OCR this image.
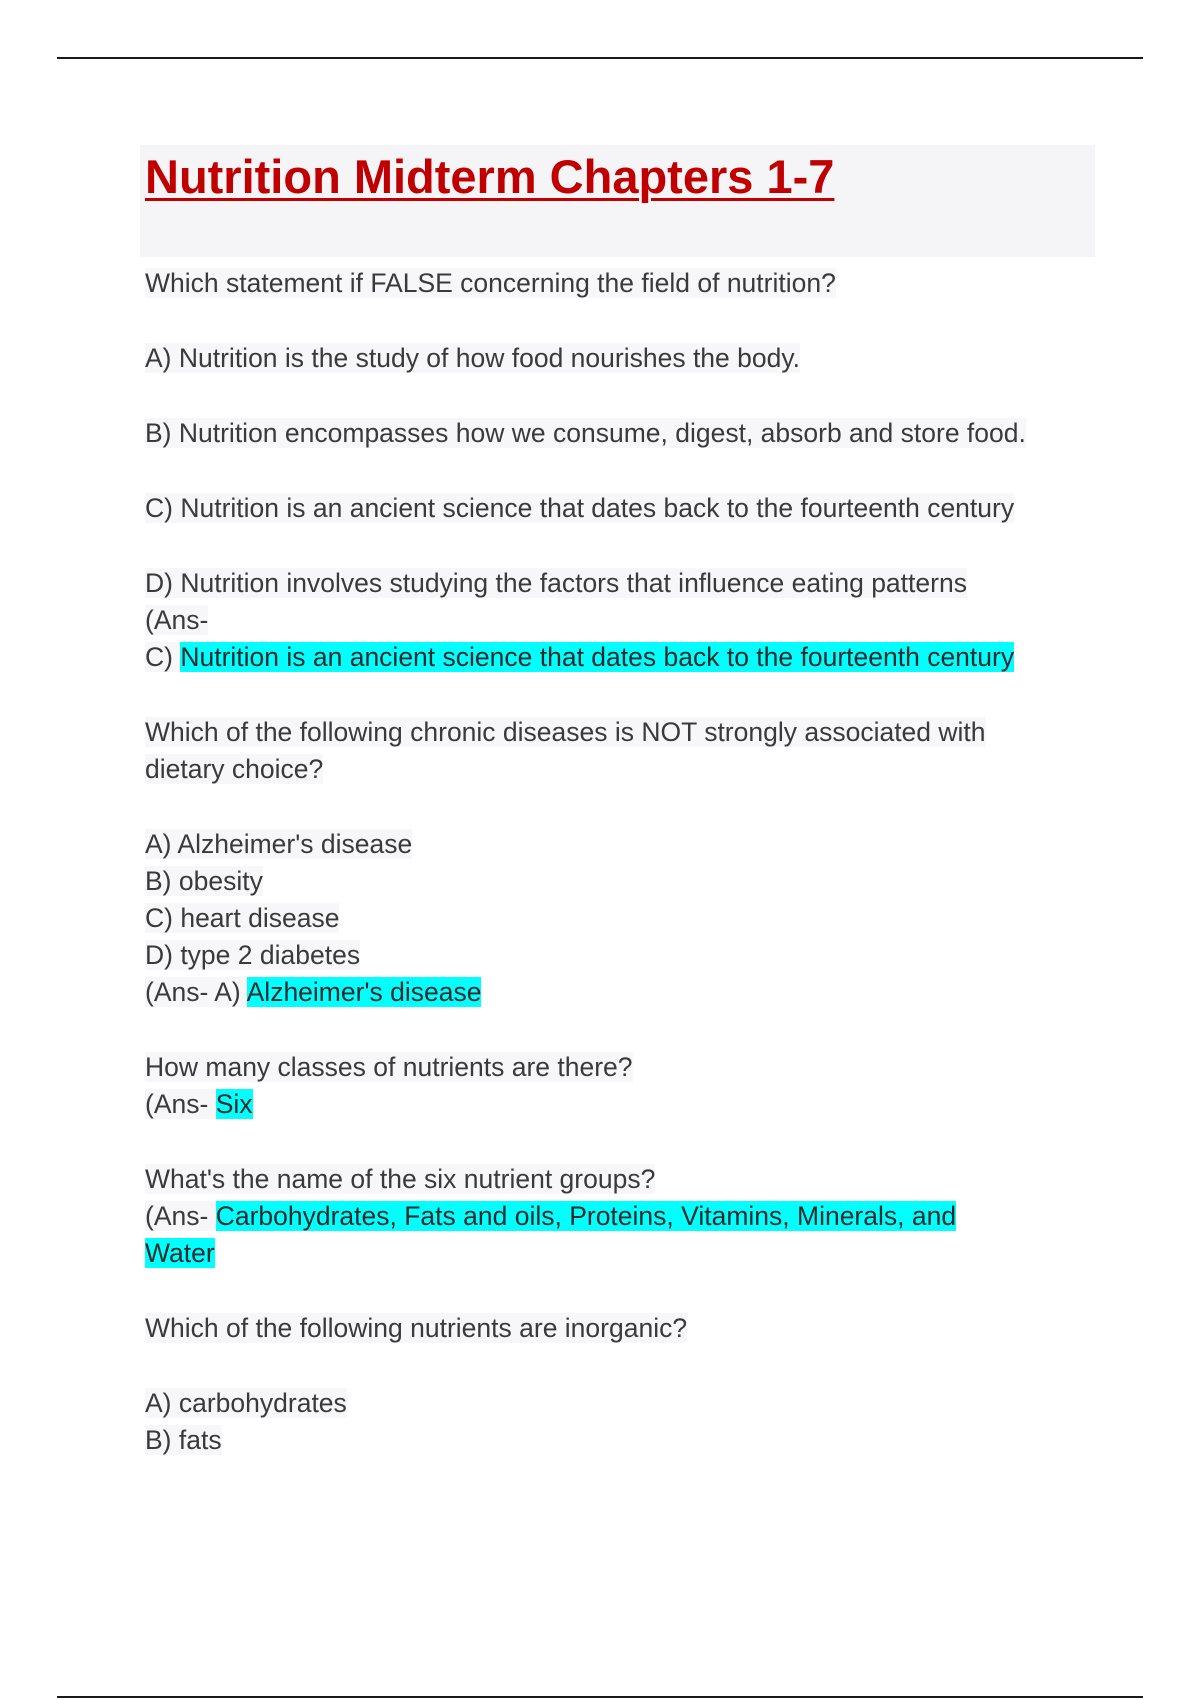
Nutrition Midterm Chapters 1-7

Which statement if FALSE concerning the field of nutrition?

A) Nutrition is the study of how food nourishes the body.

B) Nutrition encompasses how we consume, digest, absorb and store food.

C) Nutrition is an ancient science that dates back to the fourteenth century

D) Nutrition involves studying the factors that influence eating patterns

(Ans-

C) Nutrition is an ancient science that dates back to the fourteenth century

Which of the following chronic diseases is NOT strongly associated with

dietary choice?

A) Alzheimer's disease

B) obesity

C) heart disease

D) type 2 diabetes

(Ans- A) Alzheimer's disease

How many classes of nutrients are there?

(Ans- Six

What's the name of the six nutrient groups?

(Ans- Carbohydrates, Fats and oils, Proteins, Vitamins, Minerals, and

Water

Which of the following nutrients are inorganic?

A) carbohydrates

B) fats
